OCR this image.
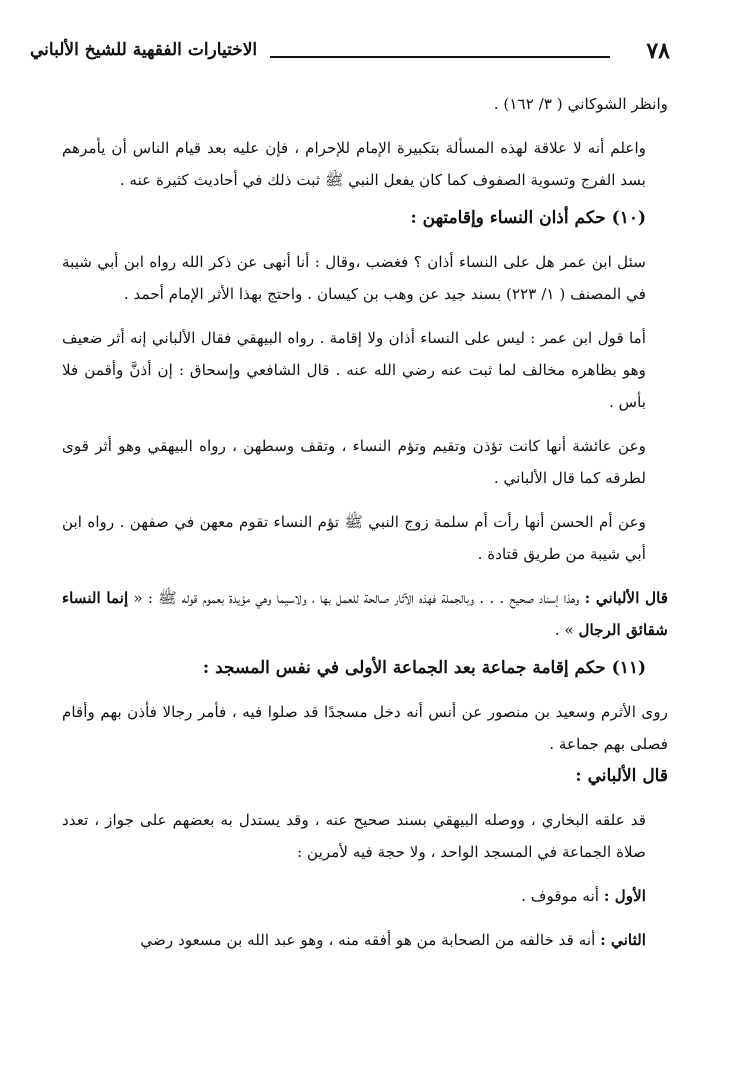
٧٨
الاختيارات الفقهية للشيخ الألباني

وانظر الشوكاني ( ٣/ ١٦٢) .

واعلم أنه لا علاقة لهذه المسألة بتكبيرة الإمام للإحرام ، فإن عليه بعد قيام الناس أن يأمرهم بسد الفرج وتسوية الصفوف كما كان يفعل النبي ﷺ ثبت ذلك في أحاديث كثيرة عنه .

(١٠) حكم أذان النساء وإقامتهن :

سئل ابن عمر هل على النساء أذان ؟ فغضب ،وقال : أنا أنهى عن ذكر الله رواه ابن أبي شيبة في المصنف ( ١/ ٢٢٣) بسند جيد عن وهب بن كيسان . واحتج بهذا الأثر الإمام أحمد .

أما قول ابن عمر : ليس على النساء أذان ولا إقامة . رواه البيهقي فقال الألباني إنه أثر ضعيف وهو بظاهره مخالف لما ثبت عنه رضي الله عنه . قال الشافعي وإسحاق : إن أذنَّ وأقمن فلا بأس .

وعن عائشة أنها كانت تؤذن وتقيم وتؤم النساء ، وتقف وسطهن ، رواه البيهقي وهو أثر قوى لطرقه كما قال الألباني .

وعن أم الحسن أنها رأت أم سلمة زوج النبي ﷺ تؤم النساء تقوم معهن في صفهن . رواه ابن أبي شيبة من طريق قتادة .

قال الألباني : وهذا إسناد صحيح . . . وبالجملة فهذه الآثار صالحة للعمل بها ، ولاسيما وهي مؤيدة بعموم قوله ﷺ : « إنما النساء شقائق الرجال » .

(١١) حكم إقامة جماعة بعد الجماعة الأولى في نفس المسجد :

روى الأثرم وسعيد بن منصور عن أنس أنه دخل مسجدًا قد صلوا فيه ، فأمر رجالا فأذن بهم وأقام فصلى بهم جماعة .

قال الألباني :

قد علقه البخاري ، ووصله البيهقي بسند صحيح عنه ، وقد يستدل به بعضهم على جواز ، تعدد صلاة الجماعة في المسجد الواحد ، ولا حجة فيه لأمرين :

الأول : أنه موقوف .

الثاني : أنه قد خالفه من الصحابة من هو أفقه منه ، وهو عبد الله بن مسعود رضي
